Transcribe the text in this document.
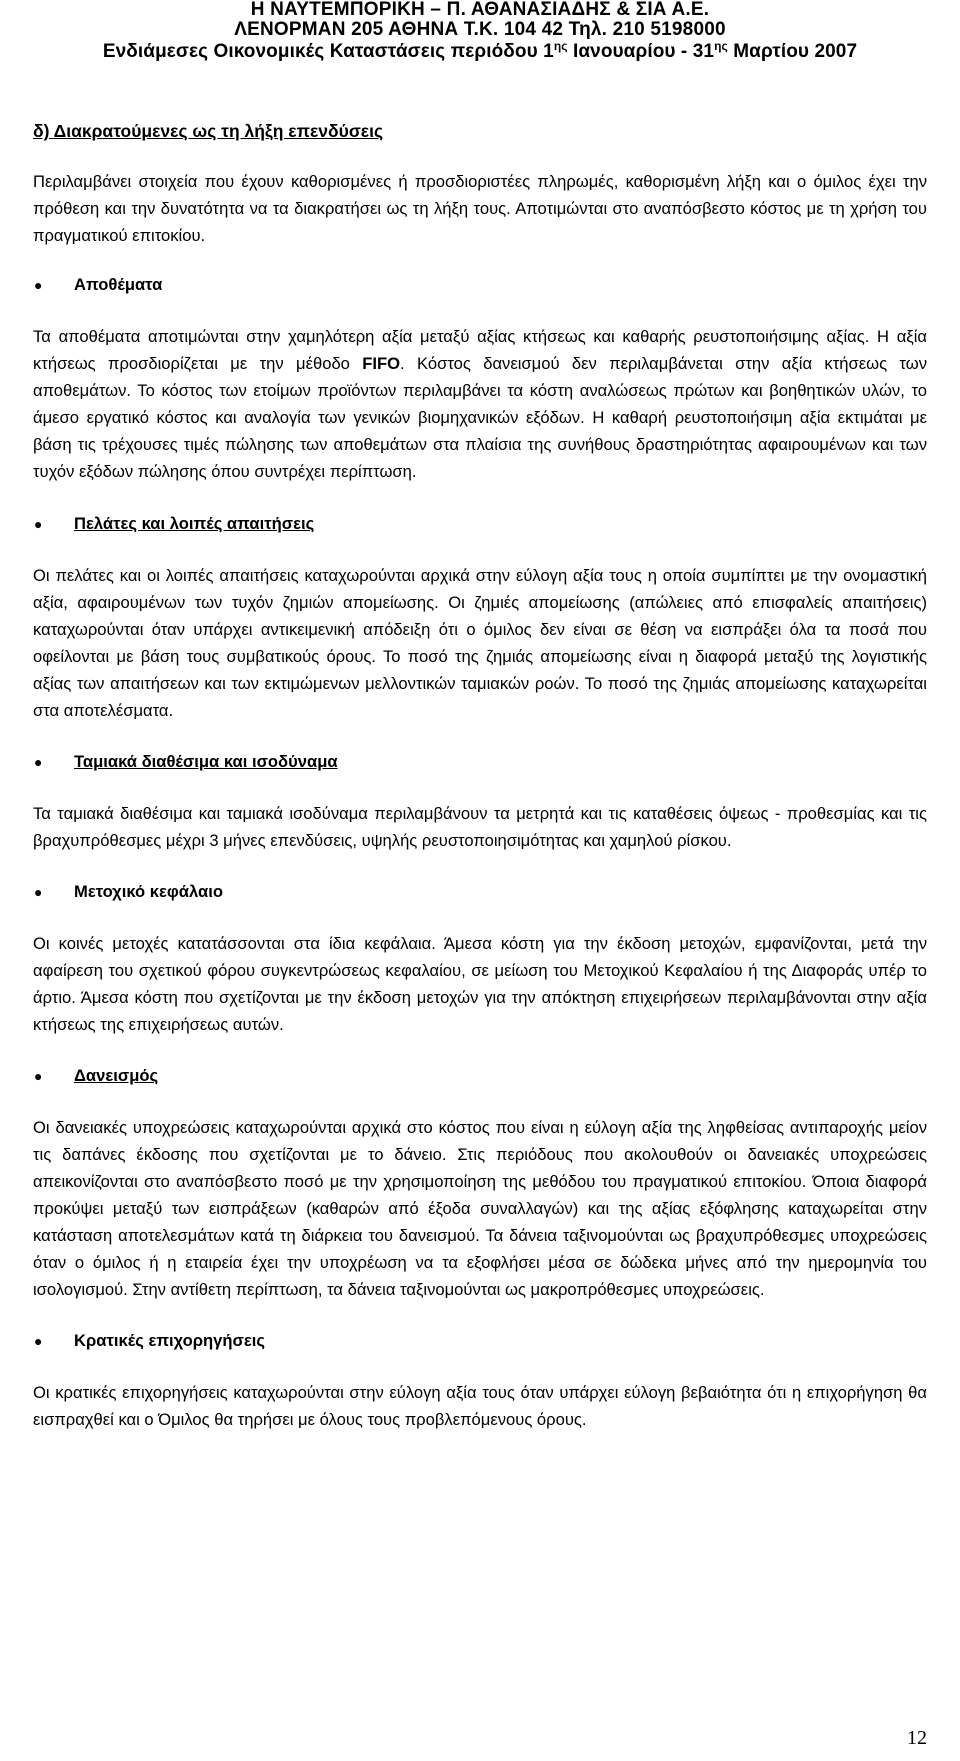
Η ΝΑΥΤΕΜΠΟΡΙΚΗ – Π. ΑΘΑΝΑΣΙΑΔΗΣ & ΣΙΑ Α.Ε.
ΛΕΝΟΡΜΑΝ 205 ΑΘΗΝΑ Τ.Κ. 104 42 Τηλ. 210 5198000
Ενδιάμεσες Οικονομικές Καταστάσεις περιόδου $1^{\eta\varsigma}$ Ιανουαρίου - $31^{\eta\varsigma}$ Μαρτίου 2007
δ) Διακρατούμενες ως τη λήξη επενδύσεις

Περιλαμβάνει στοιχεία που έχουν καθορισμένες ή προσδιοριστέες πληρωμές, καθορισμένη λήξη και ο όμιλος έχει την πρόθεση και την δυνατότητα να τα διακρατήσει ως τη λήξη τους. Αποτιμώνται στο αναπόσβεστο κόστος με τη χρήση του πραγματικού επιτοκίου.

● Αποθέματα

Τα αποθέματα αποτιμώνται στην χαμηλότερη αξία μεταξύ αξίας κτήσεως και καθαρής ρευστοποιήσιμης αξίας. Η αξία κτήσεως προσδιορίζεται με την μέθοδο FIFO. Κόστος δανεισμού δεν περιλαμβάνεται στην αξία κτήσεως των αποθεμάτων. Το κόστος των ετοίμων προϊόντων περιλαμβάνει τα κόστη αναλώσεως πρώτων και βοηθητικών υλών, το άμεσο εργατικό κόστος και αναλογία των γενικών βιομηχανικών εξόδων. Η καθαρή ρευστοποιήσιμη αξία εκτιμάται με βάση τις τρέχουσες τιμές πώλησης των αποθεμάτων στα πλαίσια της συνήθους δραστηριότητας αφαιρουμένων και των τυχόν εξόδων πώλησης όπου συντρέχει περίπτωση.

● Πελάτες και λοιπές απαιτήσεις

Οι πελάτες και οι λοιπές απαιτήσεις καταχωρούνται αρχικά στην εύλογη αξία τους η οποία συμπίπτει με την ονομαστική αξία, αφαιρουμένων των τυχόν ζημιών απομείωσης. Οι ζημιές απομείωσης (απώλειες από επισφαλείς απαιτήσεις) καταχωρούνται όταν υπάρχει αντικειμενική απόδειξη ότι ο όμιλος δεν είναι σε θέση να εισπράξει όλα τα ποσά που οφείλονται με βάση τους συμβατικούς όρους. Το ποσό της ζημιάς απομείωσης είναι η διαφορά μεταξύ της λογιστικής αξίας των απαιτήσεων και των εκτιμώμενων μελλοντικών ταμιακών ροών. Το ποσό της ζημιάς απομείωσης καταχωρείται στα αποτελέσματα.

● Ταμιακά διαθέσιμα και ισοδύναμα

Τα ταμιακά διαθέσιμα και ταμιακά ισοδύναμα περιλαμβάνουν τα μετρητά και τις καταθέσεις όψεως - προθεσμίας και τις βραχυπρόθεσμες μέχρι 3 μήνες επενδύσεις, υψηλής ρευστοποιησιμότητας και χαμηλού ρίσκου.

● Μετοχικό κεφάλαιο

Οι κοινές μετοχές κατατάσσονται στα ίδια κεφάλαια. Άμεσα κόστη για την έκδοση μετοχών, εμφανίζονται, μετά την αφαίρεση του σχετικού φόρου συγκεντρώσεως κεφαλαίου, σε μείωση του Μετοχικού Κεφαλαίου ή της Διαφοράς υπέρ το άρτιο. Άμεσα κόστη που σχετίζονται με την έκδοση μετοχών για την απόκτηση επιχειρήσεων περιλαμβάνονται στην αξία κτήσεως της επιχειρήσεως αυτών.

● Δανεισμός

Οι δανειακές υποχρεώσεις καταχωρούνται αρχικά στο κόστος που είναι η εύλογη αξία της ληφθείσας αντιπαροχής μείον τις δαπάνες έκδοσης που σχετίζονται με το δάνειο. Στις περιόδους που ακολουθούν οι δανειακές υποχρεώσεις απεικονίζονται στο αναπόσβεστο ποσό με την χρησιμοποίηση της μεθόδου του πραγματικού επιτοκίου. Όποια διαφορά προκύψει μεταξύ των εισπράξεων (καθαρών από έξοδα συναλλαγών) και της αξίας εξόφλησης καταχωρείται στην κατάσταση αποτελεσμάτων κατά τη διάρκεια του δανεισμού. Τα δάνεια ταξινομούνται ως βραχυπρόθεσμες υποχρεώσεις όταν ο όμιλος ή η εταιρεία έχει την υποχρέωση να τα εξοφλήσει μέσα σε δώδεκα μήνες από την ημερομηνία του ισολογισμού. Στην αντίθετη περίπτωση, τα δάνεια ταξινομούνται ως μακροπρόθεσμες υποχρεώσεις.

● Κρατικές επιχορηγήσεις

Οι κρατικές επιχορηγήσεις καταχωρούνται στην εύλογη αξία τους όταν υπάρχει εύλογη βεβαιότητα ότι η επιχορήγηση θα εισπραχθεί και ο Όμιλος θα τηρήσει με όλους τους προβλεπόμενους όρους.

12
